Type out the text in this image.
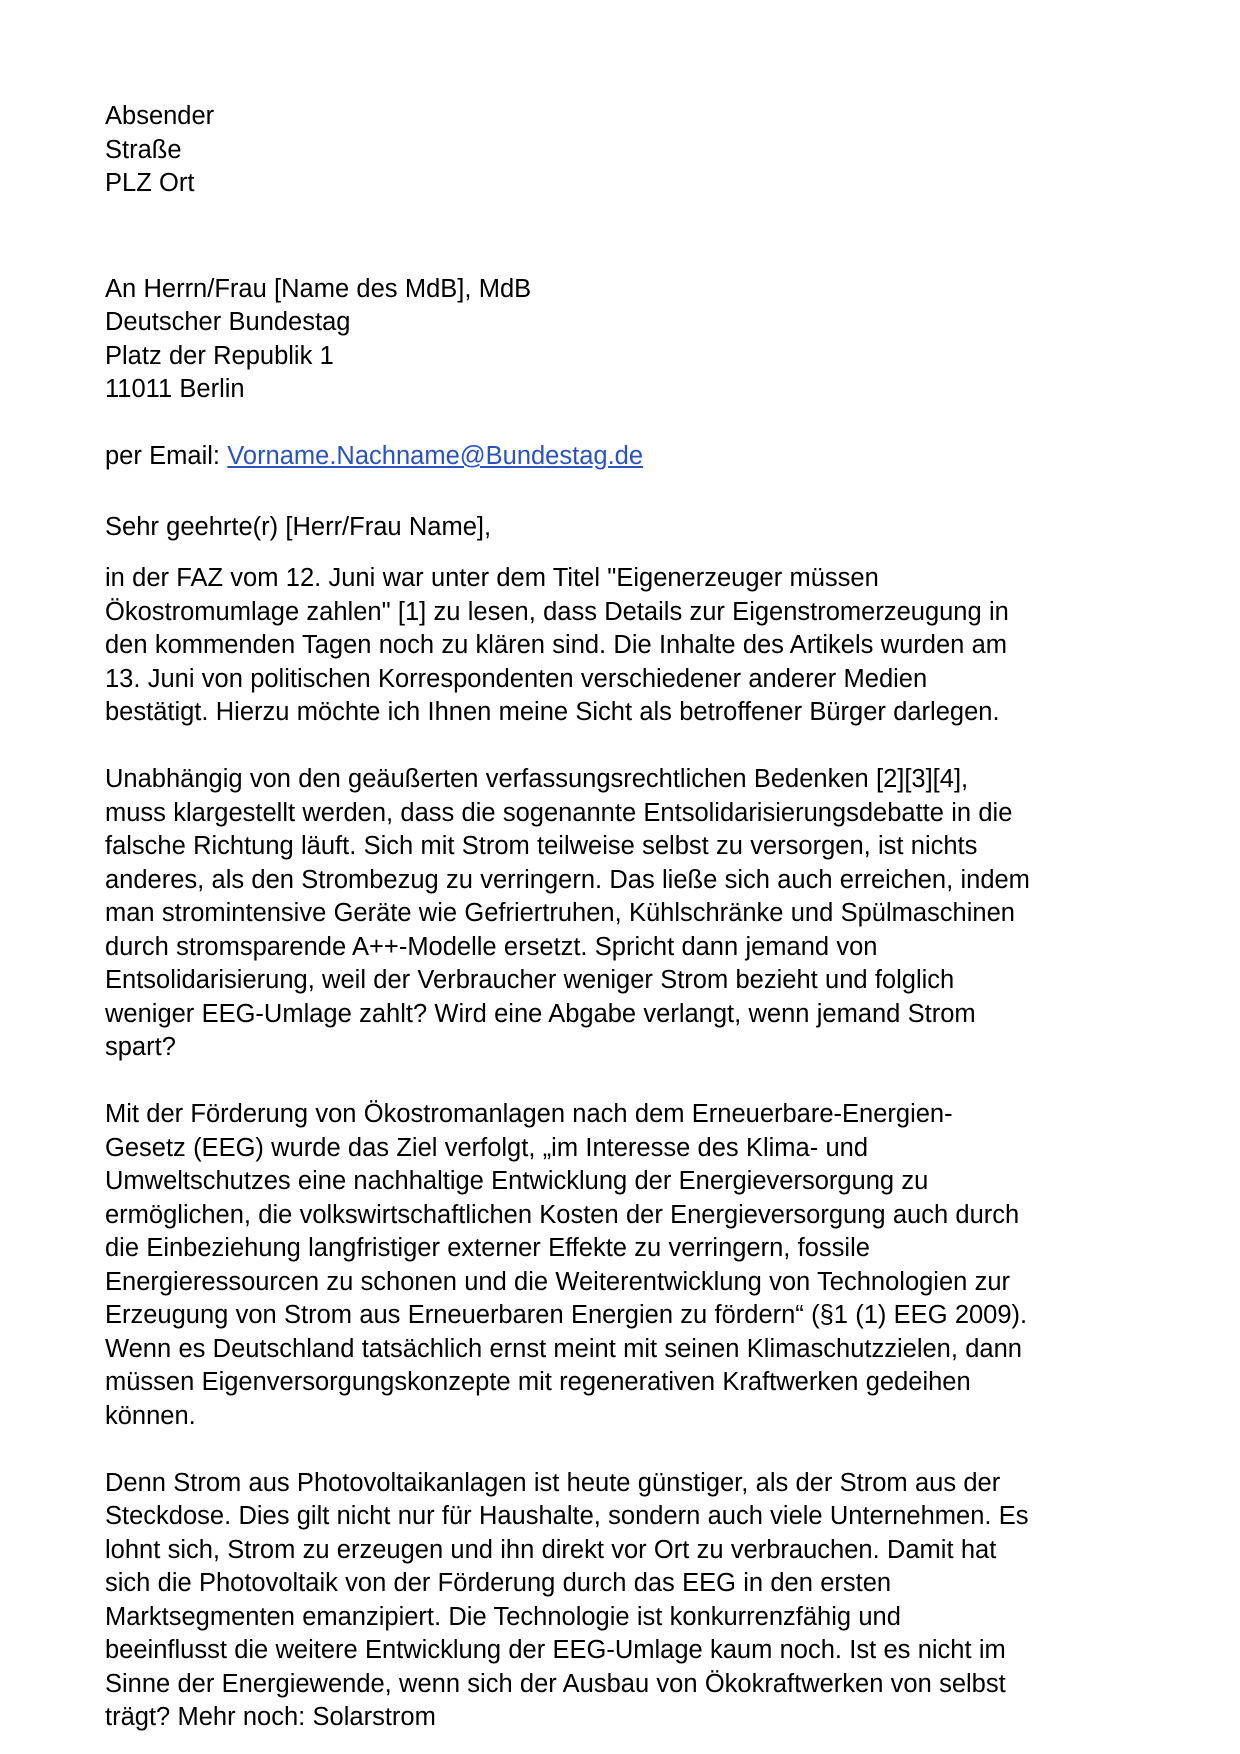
Absender
Straße
PLZ Ort
An Herrn/Frau [Name des MdB], MdB
Deutscher Bundestag
Platz der Republik 1
11011 Berlin
per Email: Vorname.Nachname@Bundestag.de
Sehr geehrte(r) [Herr/Frau Name],

in der FAZ vom 12. Juni war unter dem Titel "Eigenerzeuger müssen Ökostromumlage zahlen" [1] zu lesen, dass Details zur Eigenstromerzeugung in den kommenden Tagen noch zu klären sind. Die Inhalte des Artikels wurden am 13. Juni von politischen Korrespondenten verschiedener anderer Medien bestätigt. Hierzu möchte ich Ihnen meine Sicht als betroffener Bürger darlegen.

Unabhängig von den geäußerten verfassungsrechtlichen Bedenken [2][3][4], muss klargestellt werden, dass die sogenannte Entsolidarisierungsdebatte in die falsche Richtung läuft. Sich mit Strom teilweise selbst zu versorgen, ist nichts anderes, als den Strombezug zu verringern. Das ließe sich auch erreichen, indem man stromintensive Geräte wie Gefriertruhen, Kühlschränke und Spülmaschinen durch stromsparende A++-Modelle ersetzt. Spricht dann jemand von Entsolidarisierung, weil der Verbraucher weniger Strom bezieht und folglich weniger EEG-Umlage zahlt? Wird eine Abgabe verlangt, wenn jemand Strom spart?

Mit der Förderung von Ökostromanlagen nach dem Erneuerbare-Energien-Gesetz (EEG) wurde das Ziel verfolgt, „im Interesse des Klima- und Umweltschutzes eine nachhaltige Entwicklung der Energieversorgung zu ermöglichen, die volkswirtschaftlichen Kosten der Energieversorgung auch durch die Einbeziehung langfristiger externer Effekte zu verringern, fossile Energieressourcen zu schonen und die Weiterentwicklung von Technologien zur Erzeugung von Strom aus Erneuerbaren Energien zu fördern“ (§1 (1) EEG 2009). Wenn es Deutschland tatsächlich ernst meint mit seinen Klimaschutzzielen, dann müssen Eigenversorgungskonzepte mit regenerativen Kraftwerken gedeihen können.

Denn Strom aus Photovoltaikanlagen ist heute günstiger, als der Strom aus der Steckdose. Dies gilt nicht nur für Haushalte, sondern auch viele Unternehmen. Es lohnt sich, Strom zu erzeugen und ihn direkt vor Ort zu verbrauchen. Damit hat sich die Photovoltaik von der Förderung durch das EEG in den ersten Marktsegmenten emanzipiert. Die Technologie ist konkurrenzfähig und beeinflusst die weitere Entwicklung der EEG-Umlage kaum noch. Ist es nicht im Sinne der Energiewende, wenn sich der Ausbau von Ökokraftwerken von selbst trägt? Mehr noch: Solarstrom
